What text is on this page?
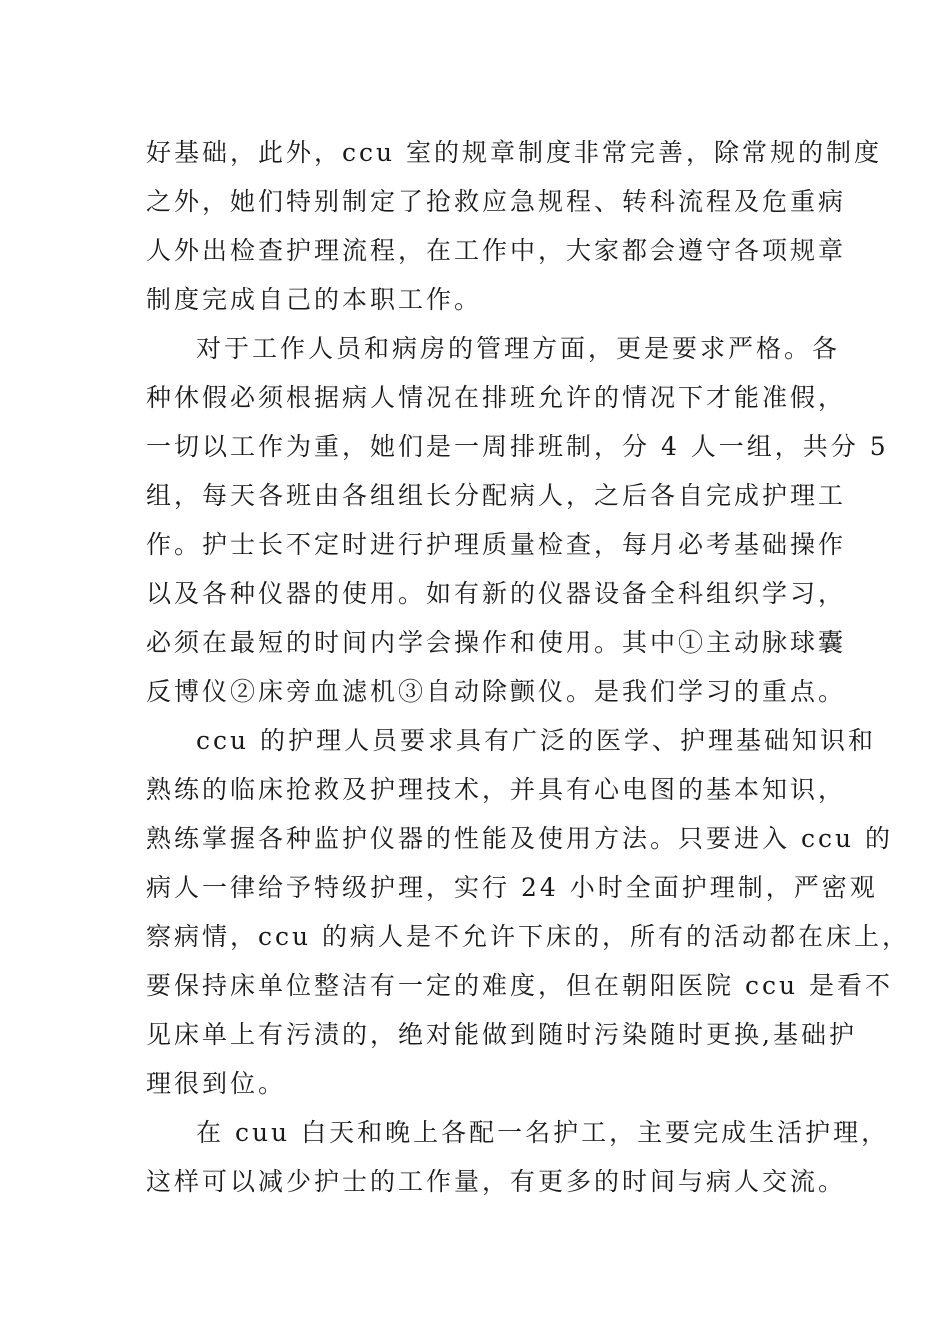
好基础，此外，ccu 室的规章制度非常完善，除常规的制度
之外，她们特别制定了抢救应急规程、转科流程及危重病
人外出检查护理流程，在工作中，大家都会遵守各项规章
制度完成自己的本职工作。
对于工作人员和病房的管理方面，更是要求严格。各
种休假必须根据病人情况在排班允许的情况下才能准假，
一切以工作为重，她们是一周排班制，分 4 人一组，共分 5
组，每天各班由各组组长分配病人，之后各自完成护理工
作。护士长不定时进行护理质量检查，每月必考基础操作
以及各种仪器的使用。如有新的仪器设备全科组织学习，
必须在最短的时间内学会操作和使用。其中①主动脉球囊
反博仪②床旁血滤机③自动除颤仪。是我们学习的重点。
ccu 的护理人员要求具有广泛的医学、护理基础知识和
熟练的临床抢救及护理技术，并具有心电图的基本知识，
熟练掌握各种监护仪器的性能及使用方法。只要进入 ccu 的
病人一律给予特级护理，实行 24 小时全面护理制，严密观
察病情，ccu 的病人是不允许下床的，所有的活动都在床上，
要保持床单位整洁有一定的难度，但在朝阳医院 ccu 是看不
见床单上有污渍的，绝对能做到随时污染随时更换,基础护
理很到位。
在 cuu 白天和晚上各配一名护工，主要完成生活护理，
这样可以减少护士的工作量，有更多的时间与病人交流。
